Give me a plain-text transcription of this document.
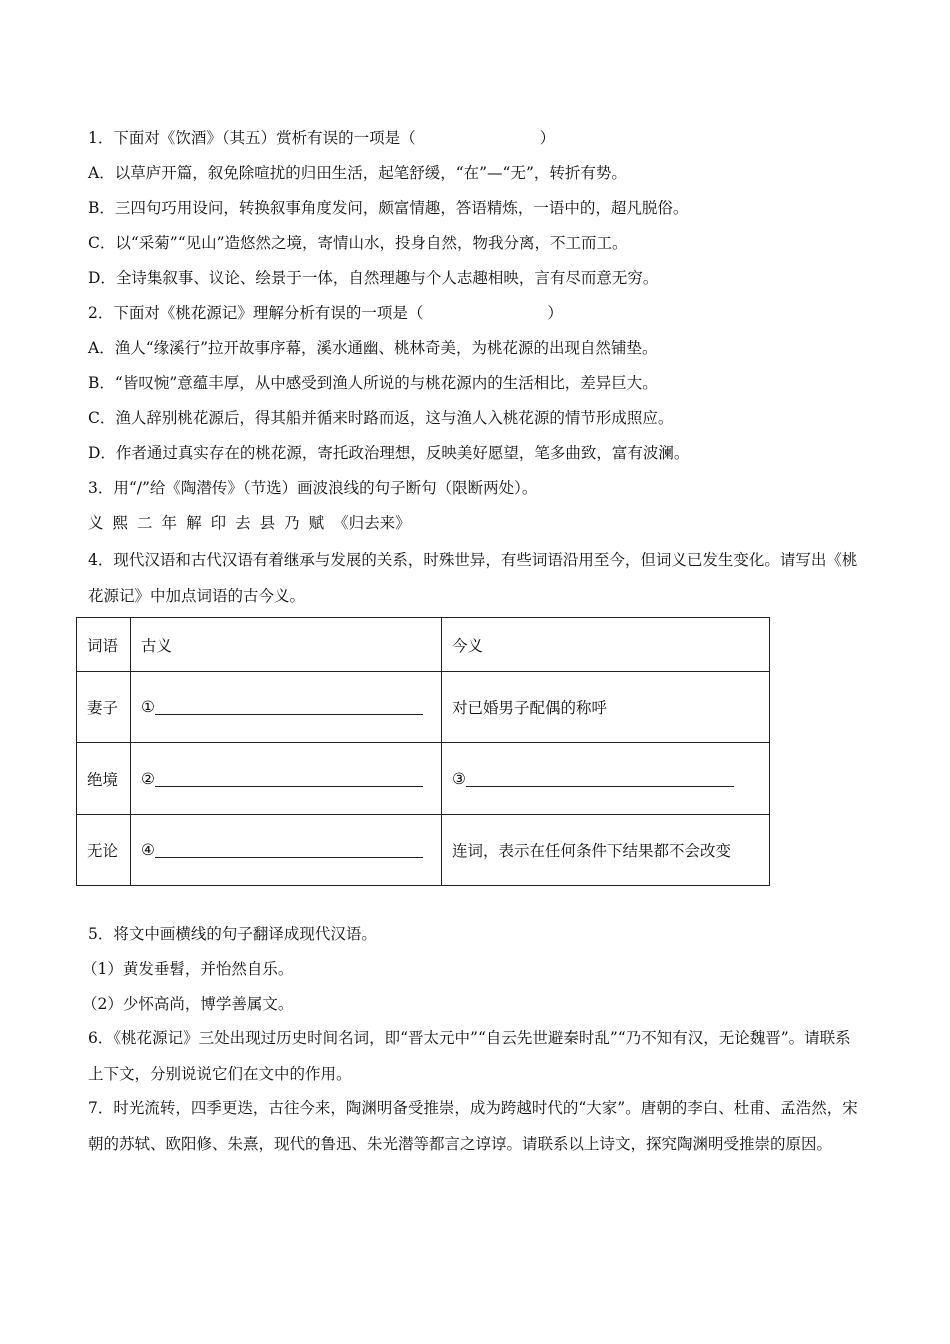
1．下面对《饮酒》（其五）赏析有误的一项是（　　　　　　　　）
A．以草庐开篇，叙免除喧扰的归田生活，起笔舒缓，“在”—“无”，转折有势。
B．三四句巧用设问，转换叙事角度发问，颇富情趣，答语精炼，一语中的，超凡脱俗。
C．以“采菊”“见山”造悠然之境，寄情山水，投身自然，物我分离，不工而工。
D．全诗集叙事、议论、绘景于一体，自然理趣与个人志趣相映，言有尽而意无穷。
2．下面对《桃花源记》理解分析有误的一项是（　　　　　　　　）
A．渔人“缘溪行”拉开故事序幕，溪水通幽、桃林奇美，为桃花源的出现自然铺垫。
B．“皆叹惋”意蕴丰厚，从中感受到渔人所说的与桃花源内的生活相比，差异巨大。
C．渔人辞别桃花源后，得其船并循来时路而返，这与渔人入桃花源的情节形成照应。
D．作者通过真实存在的桃花源，寄托政治理想，反映美好愿望，笔多曲致，富有波澜。
3．用“/”给《陶潜传》（节选）画波浪线的句子断句（限断两处）。
义 熙 二 年 解 印 去 县 乃 赋 《归去来》
4．现代汉语和古代汉语有着继承与发展的关系，时殊世异，有些词语沿用至今，但词义已发生变化。请写出《桃花源记》中加点词语的古今义。
词语	古义	今义
妻子	①	对已婚男子配偶的称呼
绝境	②	③
无论	④	连词，表示在任何条件下结果都不会改变
5．将文中画横线的句子翻译成现代汉语。
（1）黄发垂髫，并怡然自乐。
（2）少怀高尚，博学善属文。
6．《桃花源记》三处出现过历史时间名词，即“晋太元中”“自云先世避秦时乱”“乃不知有汉，无论魏晋”。请联系上下文，分别说说它们在文中的作用。
7．时光流转，四季更迭，古往今来，陶渊明备受推崇，成为跨越时代的“大家”。唐朝的李白、杜甫、孟浩然，宋朝的苏轼、欧阳修、朱熹，现代的鲁迅、朱光潜等都言之谆谆。请联系以上诗文，探究陶渊明受推崇的原因。
